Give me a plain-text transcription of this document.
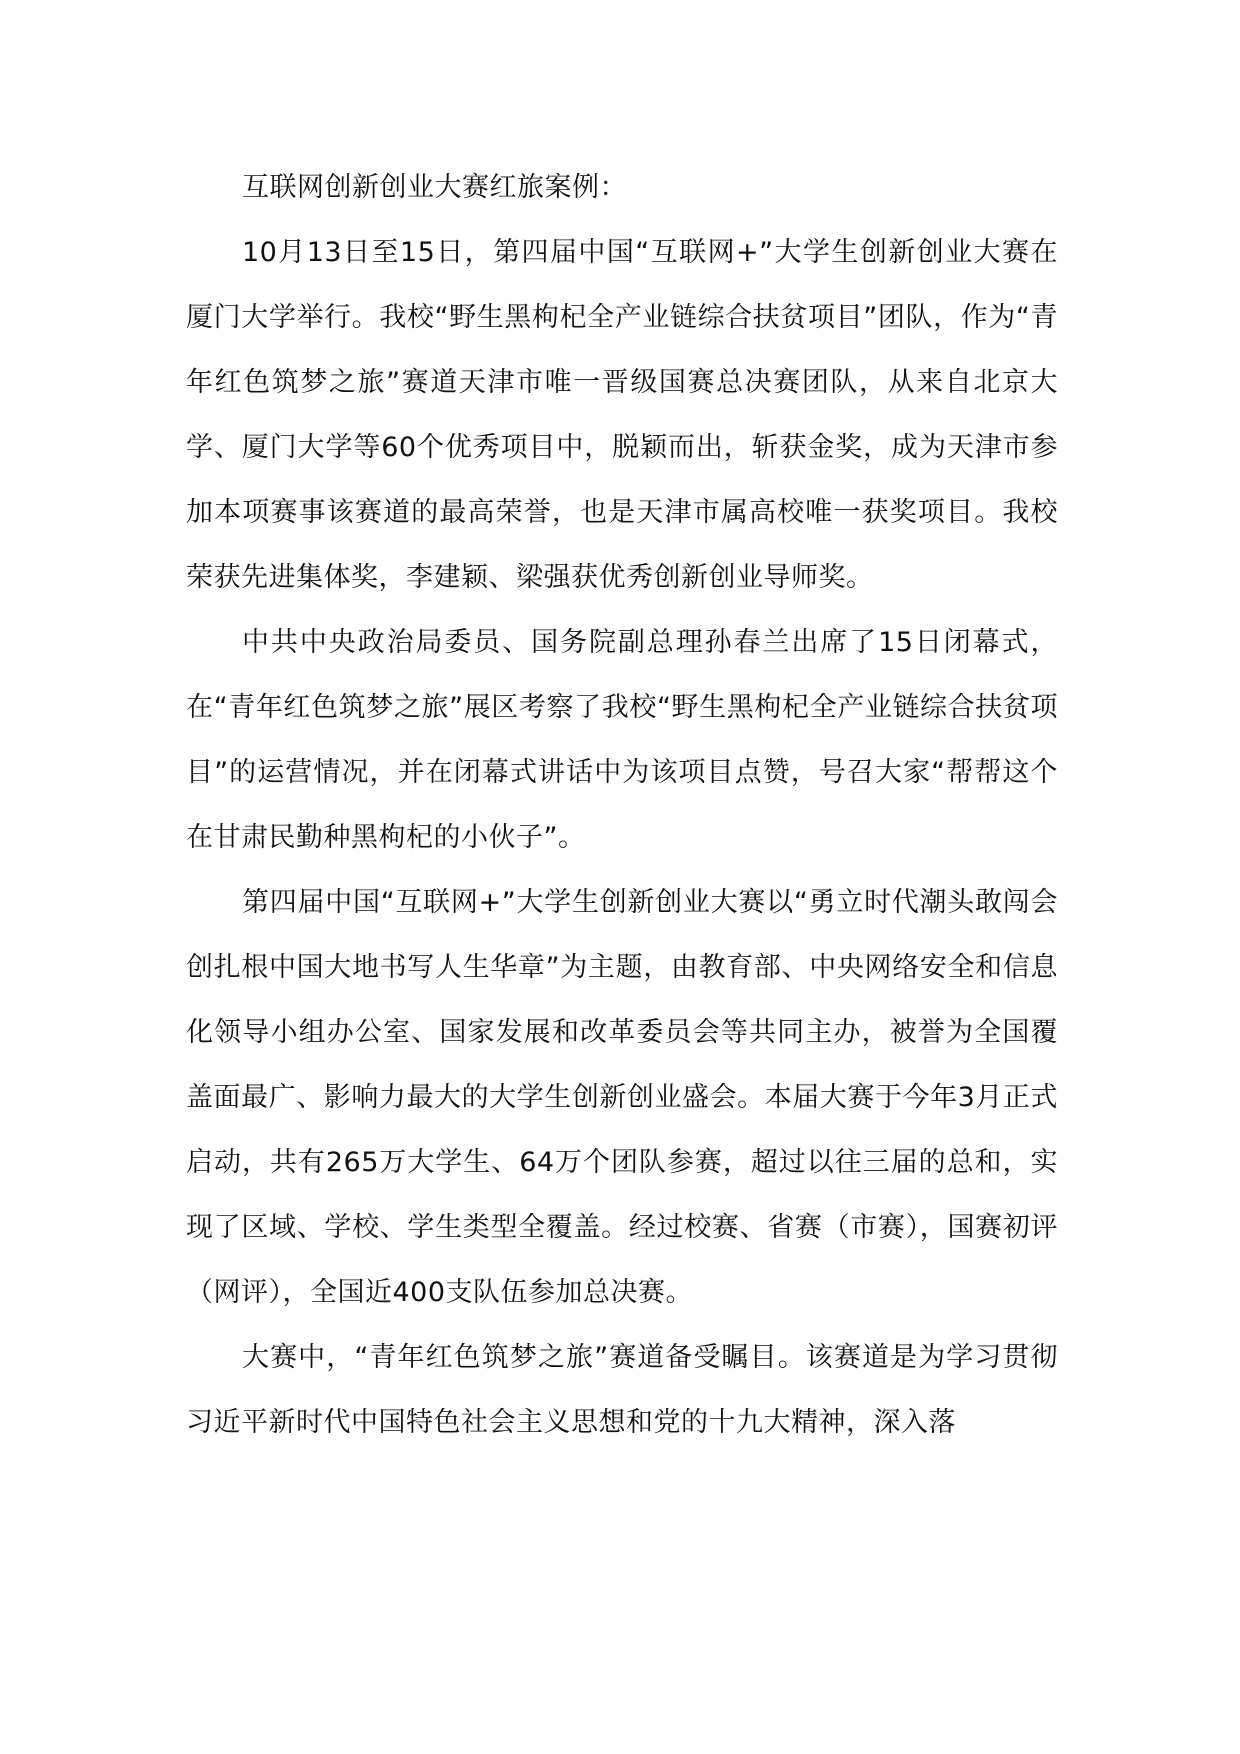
互联网创新创业大赛红旅案例：

10月13日至15日，第四届中国“互联网+”大学生创新创业大赛在厦门大学举行。我校“野生黑枸杞全产业链综合扶贫项目”团队，作为“青年红色筑梦之旅”赛道天津市唯一晋级国赛总决赛团队，从来自北京大学、厦门大学等60个优秀项目中，脱颖而出，斩获金奖，成为天津市参加本项赛事该赛道的最高荣誉，也是天津市属高校唯一获奖项目。我校荣获先进集体奖，李建颖、梁强获优秀创新创业导师奖。

中共中央政治局委员、国务院副总理孙春兰出席了15日闭幕式，在“青年红色筑梦之旅”展区考察了我校“野生黑枸杞全产业链综合扶贫项目”的运营情况，并在闭幕式讲话中为该项目点赞，号召大家“帮帮这个在甘肃民勤种黑枸杞的小伙子”。

第四届中国“互联网+”大学生创新创业大赛以“勇立时代潮头敢闯会创扎根中国大地书写人生华章”为主题，由教育部、中央网络安全和信息化领导小组办公室、国家发展和改革委员会等共同主办，被誉为全国覆盖面最广、影响力最大的大学生创新创业盛会。本届大赛于今年3月正式启动，共有265万大学生、64万个团队参赛，超过以往三届的总和，实现了区域、学校、学生类型全覆盖。经过校赛、省赛（市赛），国赛初评（网评），全国近400支队伍参加总决赛。

大赛中，“青年红色筑梦之旅”赛道备受瞩目。该赛道是为学习贯彻习近平新时代中国特色社会主义思想和党的十九大精神，深入落
